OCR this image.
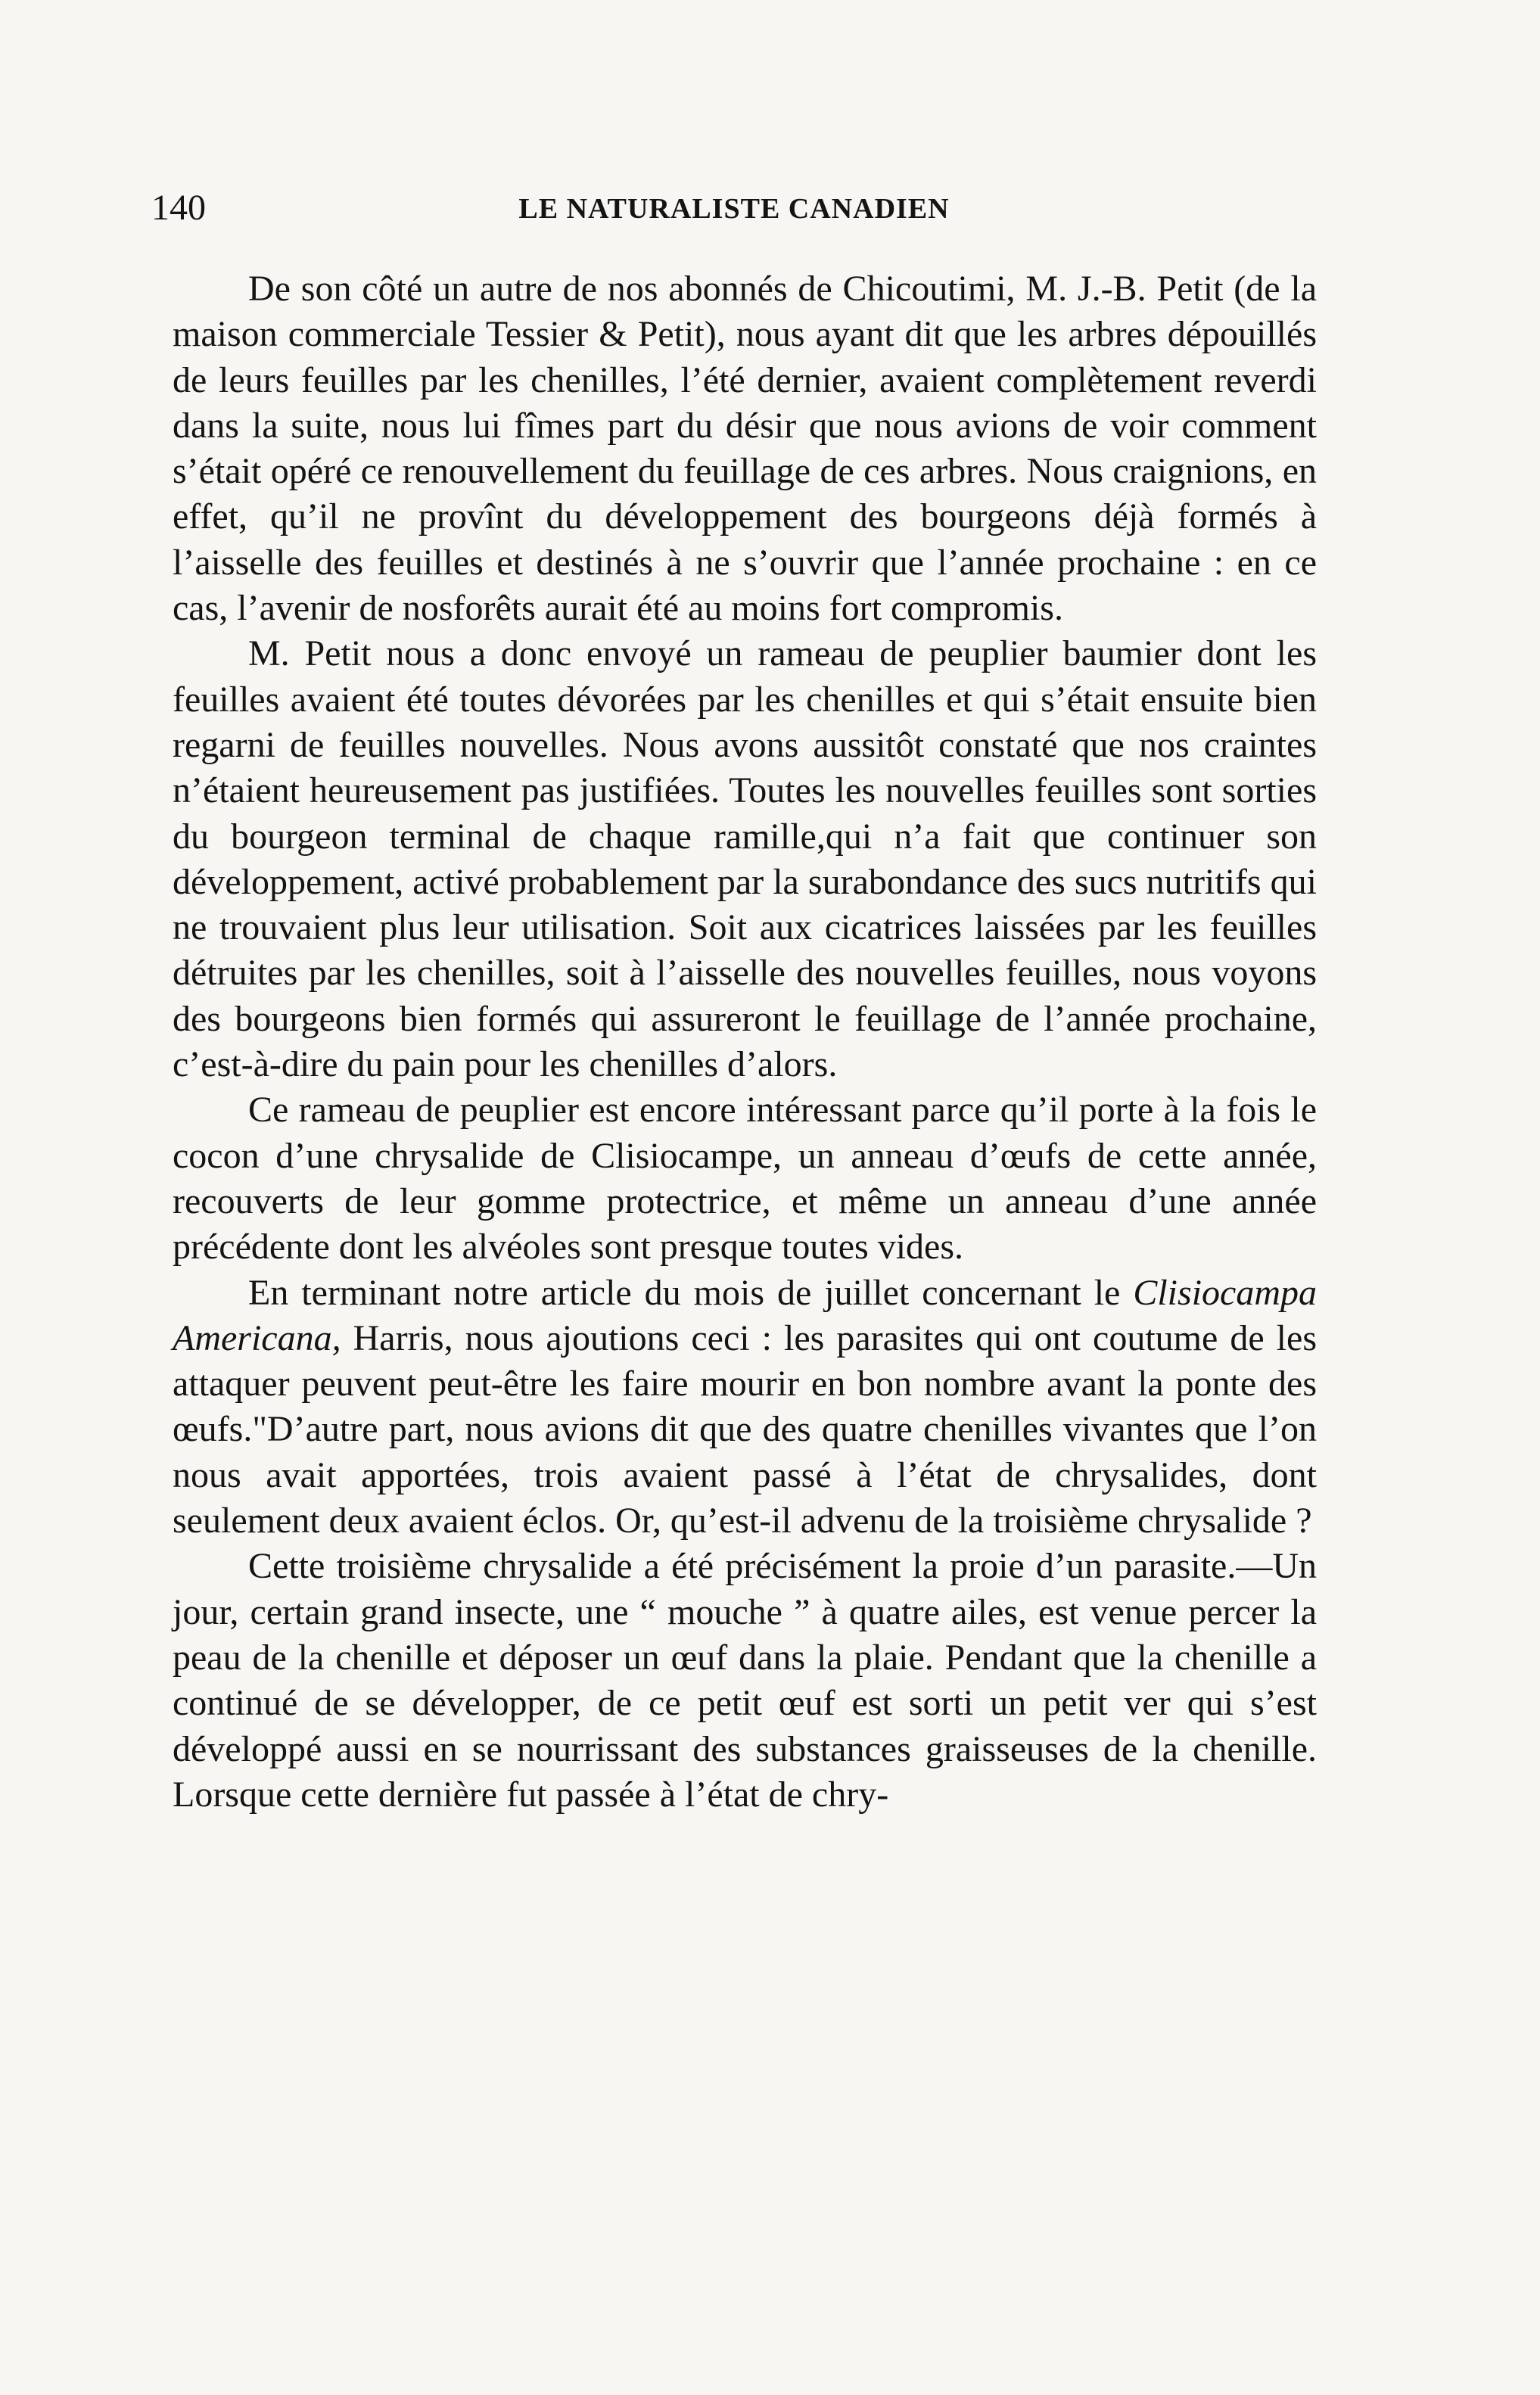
140	LE NATURALISTE CANADIEN

De son côté un autre de nos abonnés de Chicoutimi, M. J.-B. Petit (de la maison commerciale Tessier & Petit), nous ayant dit que les arbres dépouillés de leurs feuilles par les chenilles, l’été dernier, avaient complètement reverdi dans la suite, nous lui fîmes part du désir que nous avions de voir comment s’était opéré ce renouvellement du feuillage de ces arbres. Nous craignions, en effet, qu’il ne provînt du développement des bourgeons déjà formés à l’aisselle des feuilles et destinés à ne s’ouvrir que l’année prochaine : en ce cas, l’avenir de nosforêts aurait été au moins fort compromis.

M. Petit nous a donc envoyé un rameau de peuplier baumier dont les feuilles avaient été toutes dévorées par les chenilles et qui s’était ensuite bien regarni de feuilles nouvelles. Nous avons aussitôt constaté que nos craintes n’étaient heureusement pas justifiées. Toutes les nouvelles feuilles sont sorties du bourgeon terminal de chaque ramille,qui n’a fait que continuer son développement, activé probablement par la surabondance des sucs nutritifs qui ne trouvaient plus leur utilisation. Soit aux cicatrices laissées par les feuilles détruites par les chenilles, soit à l’aisselle des nouvelles feuilles, nous voyons des bourgeons bien formés qui assureront le feuillage de l’année prochaine, c’est-à-dire du pain pour les chenilles d’alors.

Ce rameau de peuplier est encore intéressant parce qu’il porte à la fois le cocon d’une chrysalide de Clisiocampe, un anneau d’œufs de cette année, recouverts de leur gomme protectrice, et même un anneau d’une année précédente dont les alvéoles sont presque toutes vides.

En terminant notre article du mois de juillet concernant le Clisiocampa Americana, Harris, nous ajoutions ceci : les parasites qui ont coutume de les attaquer peuvent peut-être les faire mourir en bon nombre avant la ponte des œufs."D’autre part, nous avions dit que des quatre chenilles vivantes que l’on nous avait apportées, trois avaient passé à l’état de chrysalides, dont seulement deux avaient éclos. Or, qu’est-il advenu de la troisième chrysalide ?

Cette troisième chrysalide a été précisément la proie d’un parasite.—Un jour, certain grand insecte, une “ mouche ” à quatre ailes, est venue percer la peau de la chenille et déposer un œuf dans la plaie. Pendant que la chenille a continué de se développer, de ce petit œuf est sorti un petit ver qui s’est développé aussi en se nourrissant des substances graisseuses de la chenille. Lorsque cette dernière fut passée à l’état de chry-
